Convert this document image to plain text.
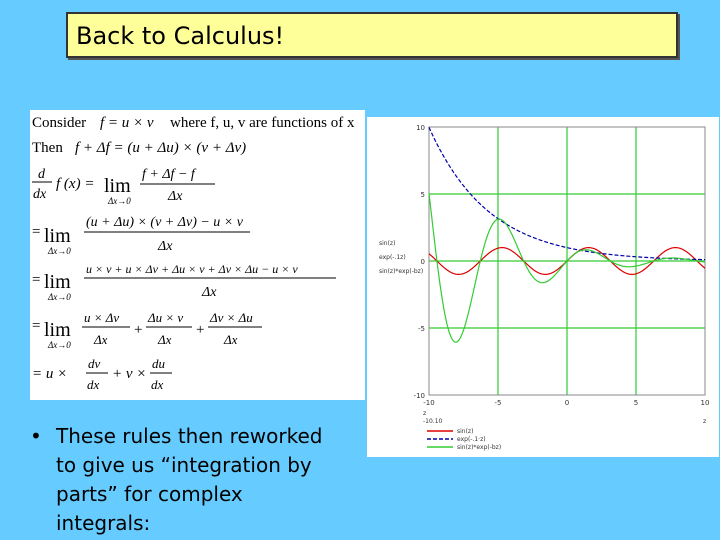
Back to Calculus!
Consider f = u × v where f, u, v are functions of x
Then f + Δf = (u + Δu) × (v + Δv)
d
dx
f (x) = lim
Δx→0
f + Δf − f
Δx
= lim
Δx→0
(u + Δu) × (v + Δv) − u × v
Δx
= lim
Δx→0
u × v + u × Δv + Δu × v + Δv × Δu − u × v
Δx
= lim
Δx→0
u × Δv
Δx
+
Δu × v
Δx
+
Δv × Δu
Δx
= u ×
dv
dx
+ v ×
du
dx
• These rules then reworked to give us “integration by parts” for complex integrals:
10
5
0
-5
-10
-10	-5	0	5	10
z
-10.10	z
sin(z)
exp(-.1z)
sin(z)*exp(-bz)
sin(z)
exp(-.1·z)
sin(z)*exp(-bz)
